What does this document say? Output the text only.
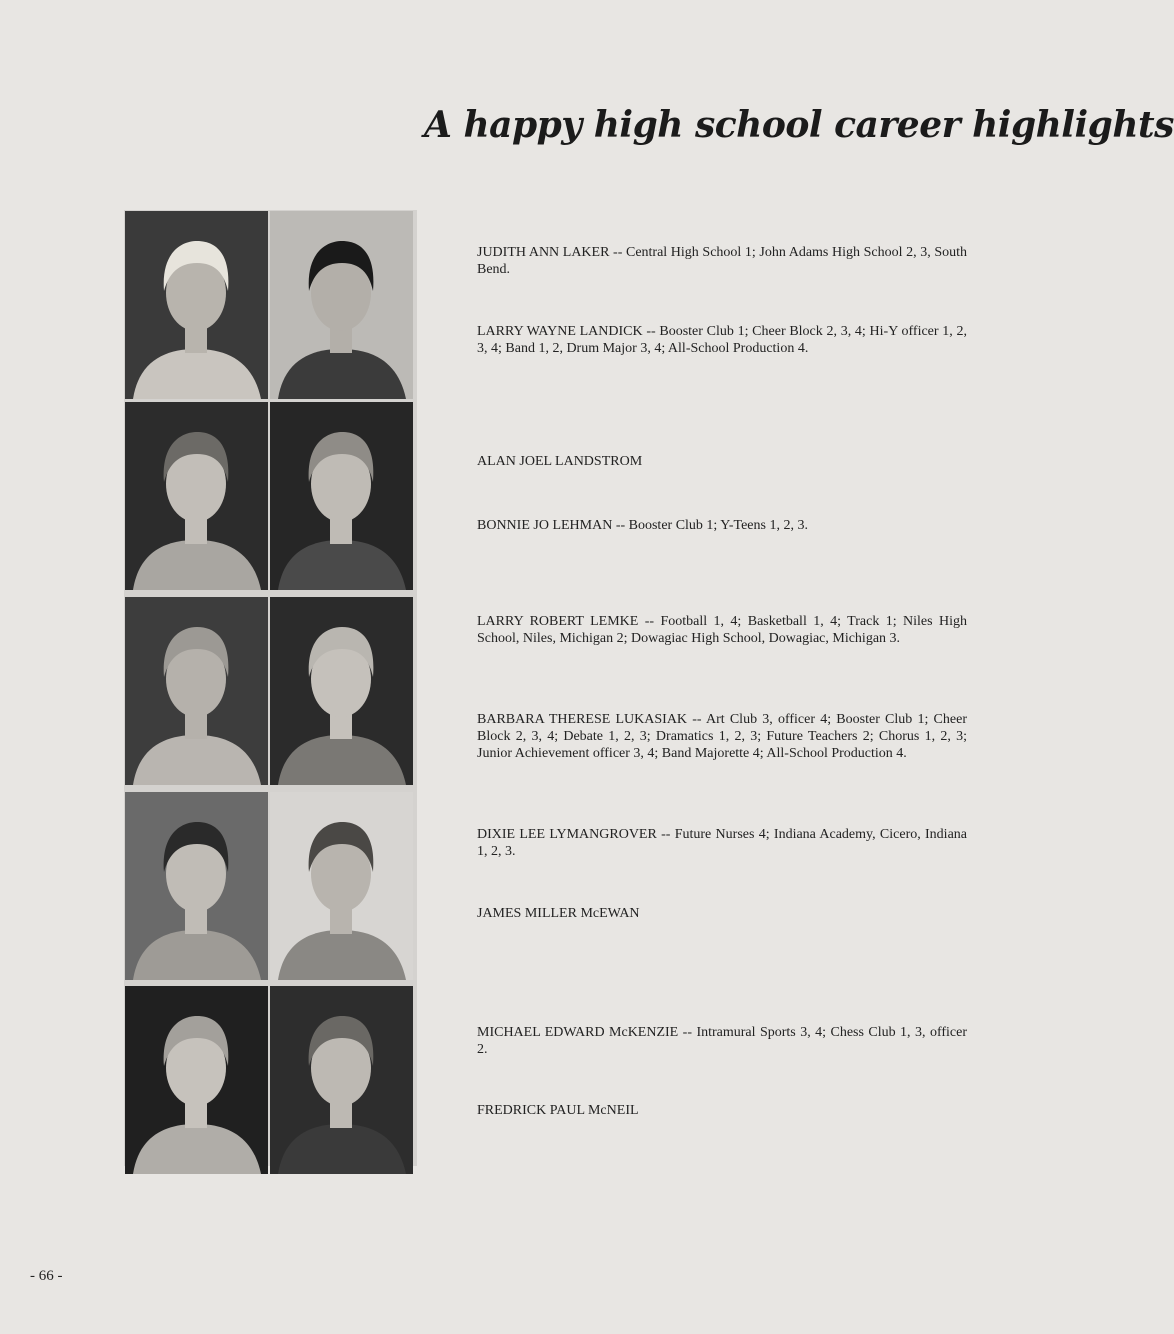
A happy high school career highlights

JUDITH ANN LAKER -- Central High School 1; John Adams High School 2, 3, South Bend.

LARRY WAYNE LANDICK -- Booster Club 1; Cheer Block 2, 3, 4; Hi-Y officer 1, 2, 3, 4; Band 1, 2, Drum Major 3, 4; All-School Production 4.

ALAN JOEL LANDSTROM

BONNIE JO LEHMAN -- Booster Club 1; Y-Teens 1, 2, 3.

LARRY ROBERT LEMKE -- Football 1, 4; Basketball 1, 4; Track 1; Niles High School, Niles, Michigan 2; Dowagiac High School, Dowagiac, Michigan 3.

BARBARA THERESE LUKASIAK -- Art Club 3, officer 4; Booster Club 1; Cheer Block 2, 3, 4; Debate 1, 2, 3; Dramatics 1, 2, 3; Future Teachers 2; Chorus 1, 2, 3; Junior Achievement officer 3, 4; Band Majorette 4; All-School Production 4.

DIXIE LEE LYMANGROVER -- Future Nurses 4; Indiana Academy, Cicero, Indiana 1, 2, 3.

JAMES MILLER McEWAN

MICHAEL EDWARD McKENZIE -- Intramural Sports 3, 4; Chess Club 1, 3, officer 2.

FREDRICK PAUL McNEIL

- 66 -
